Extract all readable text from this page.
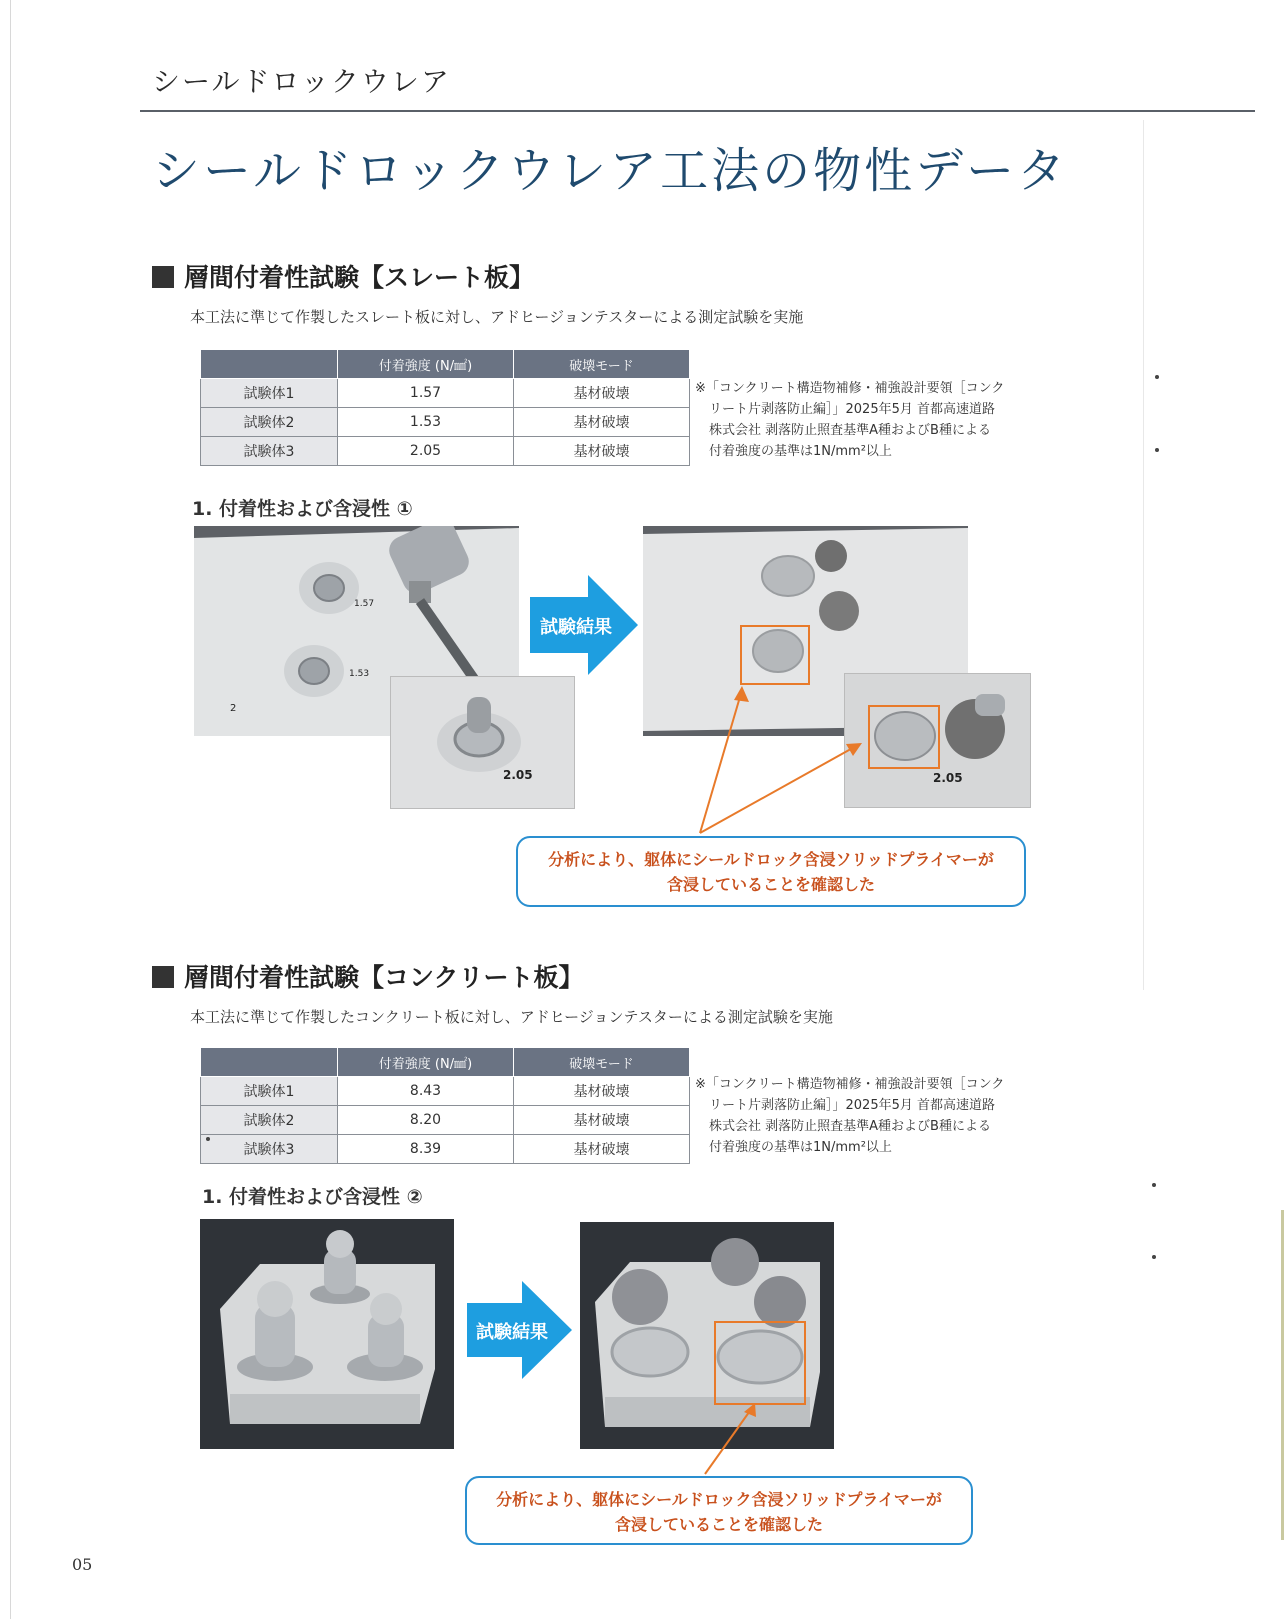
シールドロックウレア
シールドロックウレア工法の物性データ
層間付着性試験【スレート板】
本工法に準じて作製したスレート板に対し、アドヒージョンテスターによる測定試験を実施
	付着強度 (N/㎟)	破壊モード
試験体1	1.57	基材破壊
試験体2	1.53	基材破壊
試験体3	2.05	基材破壊
※「コンクリート構造物補修・補強設計要領［コンク
リート片剥落防止編］」2025年5月 首都高速道路
株式会社 剥落防止照査基準A種およびB種による
付着強度の基準は1N/mm²以上
1. 付着性および含浸性 ①
1.57
1.53
2
2.05
試験結果
2.05
分析により、躯体にシールドロック含浸ソリッドプライマーが
含浸していることを確認した
層間付着性試験【コンクリート板】
本工法に準じて作製したコンクリート板に対し、アドヒージョンテスターによる測定試験を実施
	付着強度 (N/㎟)	破壊モード
試験体1	8.43	基材破壊
試験体2	8.20	基材破壊
試験体3	8.39	基材破壊
※「コンクリート構造物補修・補強設計要領［コンク
リート片剥落防止編］」2025年5月 首都高速道路
株式会社 剥落防止照査基準A種およびB種による
付着強度の基準は1N/mm²以上
1. 付着性および含浸性 ②
試験結果
分析により、躯体にシールドロック含浸ソリッドプライマーが
含浸していることを確認した
05
